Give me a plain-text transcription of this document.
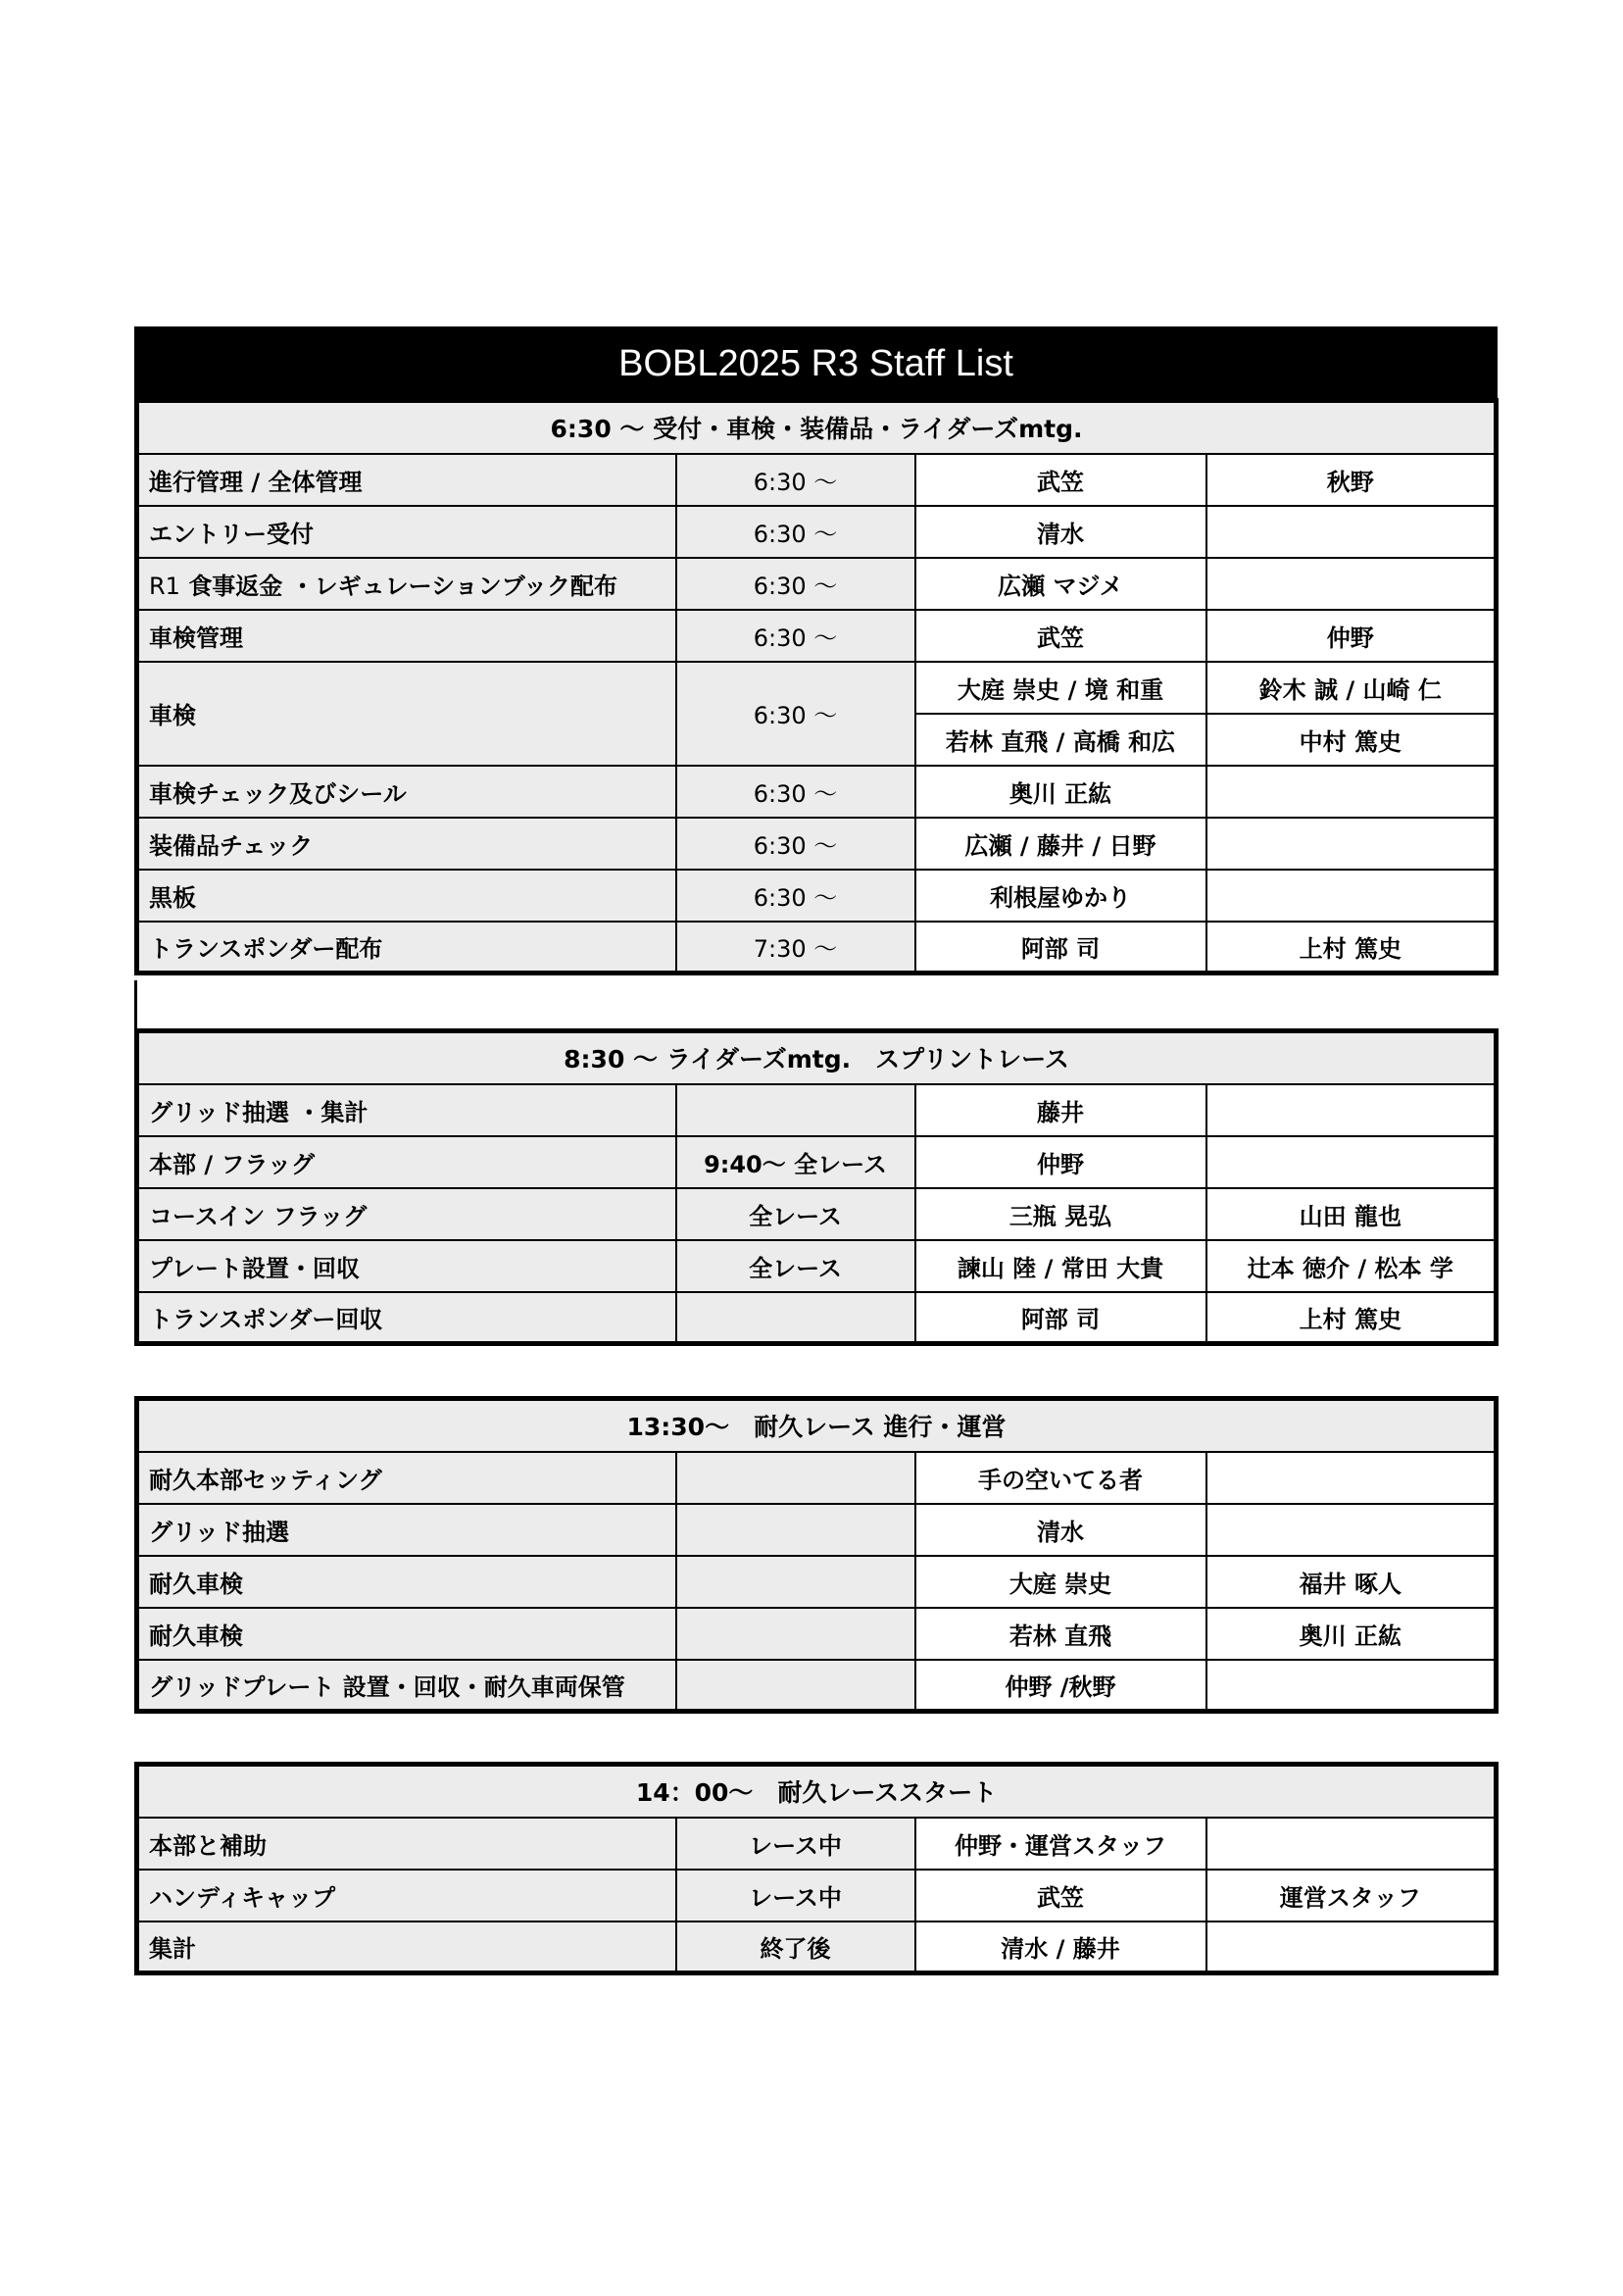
BOBL2025 R3 Staff List
6:30 〜 受付・車検・装備品・ライダーズmtg.			
進行管理 / 全体管理	6:30 〜	武笠	秋野
エントリー受付	6:30 〜	清水	
R1 食事返金 ・レギュレーションブック配布	6:30 〜	広瀬 マジメ	
車検管理	6:30 〜	武笠	仲野
車検	6:30 〜	大庭 崇史 / 境 和重	鈴木 誠 / 山崎 仁
		若林 直飛 / 高橋 和広	中村 篤史
車検チェック及びシール	6:30 〜	奥川 正紘	
装備品チェック	6:30 〜	広瀬 / 藤井 / 日野	
黒板	6:30 〜	利根屋ゆかり	
トランスポンダー配布	7:30 〜	阿部 司	上村 篤史
8:30 〜 ライダーズmtg.　スプリントレース			
グリッド抽選 ・集計		藤井	
本部 / フラッグ	9:40〜 全レース	仲野	
コースイン フラッグ	全レース	三瓶 晃弘	山田 龍也
プレート設置・回収	全レース	諫山 陸 / 常田 大貴	辻本 徳介 / 松本 学
トランスポンダー回収		阿部 司	上村 篤史
13:30〜　耐久レース 進行・運営			
耐久本部セッティング		手の空いてる者	
グリッド抽選		清水	
耐久車検		大庭 崇史	福井 啄人
耐久車検		若林 直飛	奥川 正紘
グリッドプレート 設置・回収・耐久車両保管		仲野 /秋野	
14：00〜　耐久レーススタート			
本部と補助	レース中	仲野・運営スタッフ	
ハンディキャップ	レース中	武笠	運営スタッフ
集計	終了後	清水 / 藤井	
